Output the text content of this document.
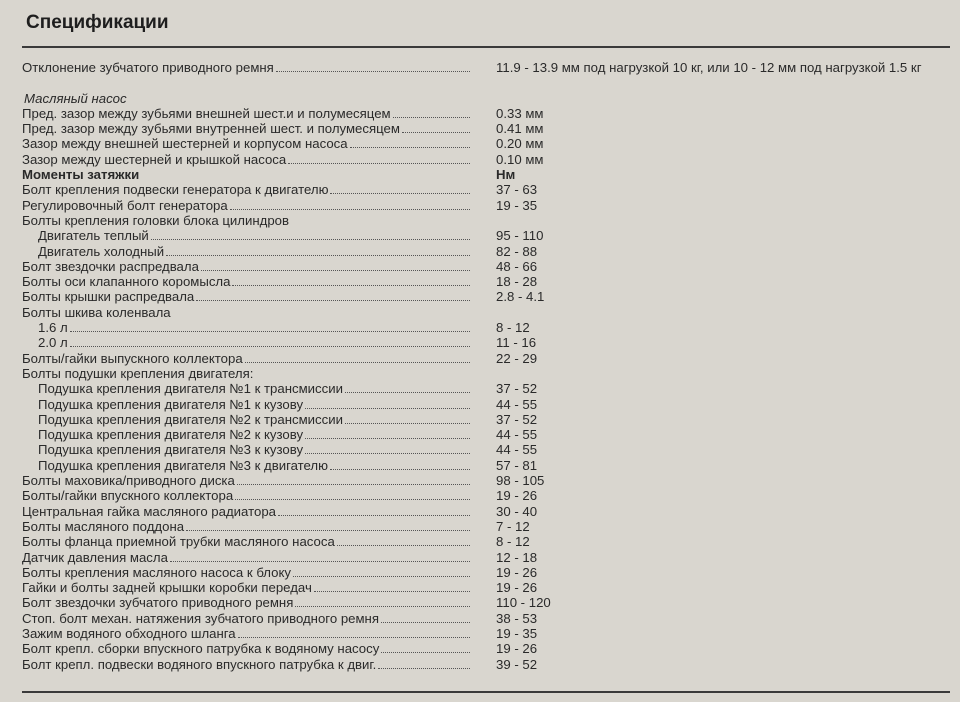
Спецификации
Отклонение зубчатого приводного ремня	11.9 - 13.9 мм под нагрузкой 10 кг, или 10 - 12 мм под нагрузкой 1.5 кг
Масляный насос
Пред. зазор между зубьями внешней шест.и и полумесяцем	0.33 мм
Пред. зазор между зубьями внутренней шест. и полумесяцем	0.41 мм
Зазор между внешней шестерней и корпусом насоса	0.20 мм
Зазор между шестерней и крышкой насоса	0.10 мм
Моменты затяжки	Нм
Болт крепления подвески генератора к двигателю	37 - 63
Регулировочный болт генератора	19 - 35
Болты крепления головки блока цилиндров
Двигатель теплый	95 - 110
Двигатель холодный	82 - 88
Болт звездочки распредвала	48 - 66
Болты оси клапанного коромысла	18 - 28
Болты крышки распредвала	2.8 - 4.1
Болты шкива коленвала
1.6 л	8 - 12
2.0 л	11 - 16
Болты/гайки выпускного коллектора	22 - 29
Болты подушки крепления двигателя:
Подушка крепления двигателя №1 к трансмиссии	37 - 52
Подушка крепления двигателя №1 к кузову	44 - 55
Подушка крепления двигателя №2 к трансмиссии	37 - 52
Подушка крепления двигателя №2 к кузову	44 - 55
Подушка крепления двигателя №3 к кузову	44 - 55
Подушка крепления двигателя №3 к двигателю	57 - 81
Болты маховика/приводного диска	98 - 105
Болты/гайки впускного коллектора	19 - 26
Центральная гайка масляного радиатора	30 - 40
Болты масляного поддона	7 - 12
Болты фланца приемной трубки масляного насоса	8 - 12
Датчик давления масла	12 - 18
Болты крепления масляного насоса к блоку	19 - 26
Гайки и болты задней крышки коробки передач	19 - 26
Болт звездочки зубчатого приводного ремня	110 - 120
Стоп. болт механ. натяжения зубчатого приводного ремня	38 - 53
Зажим водяного обходного шланга	19 - 35
Болт крепл. сборки впускного патрубка к водяному насосу	19 - 26
Болт крепл. подвески водяного впускного патрубка к двиг.	39 - 52
